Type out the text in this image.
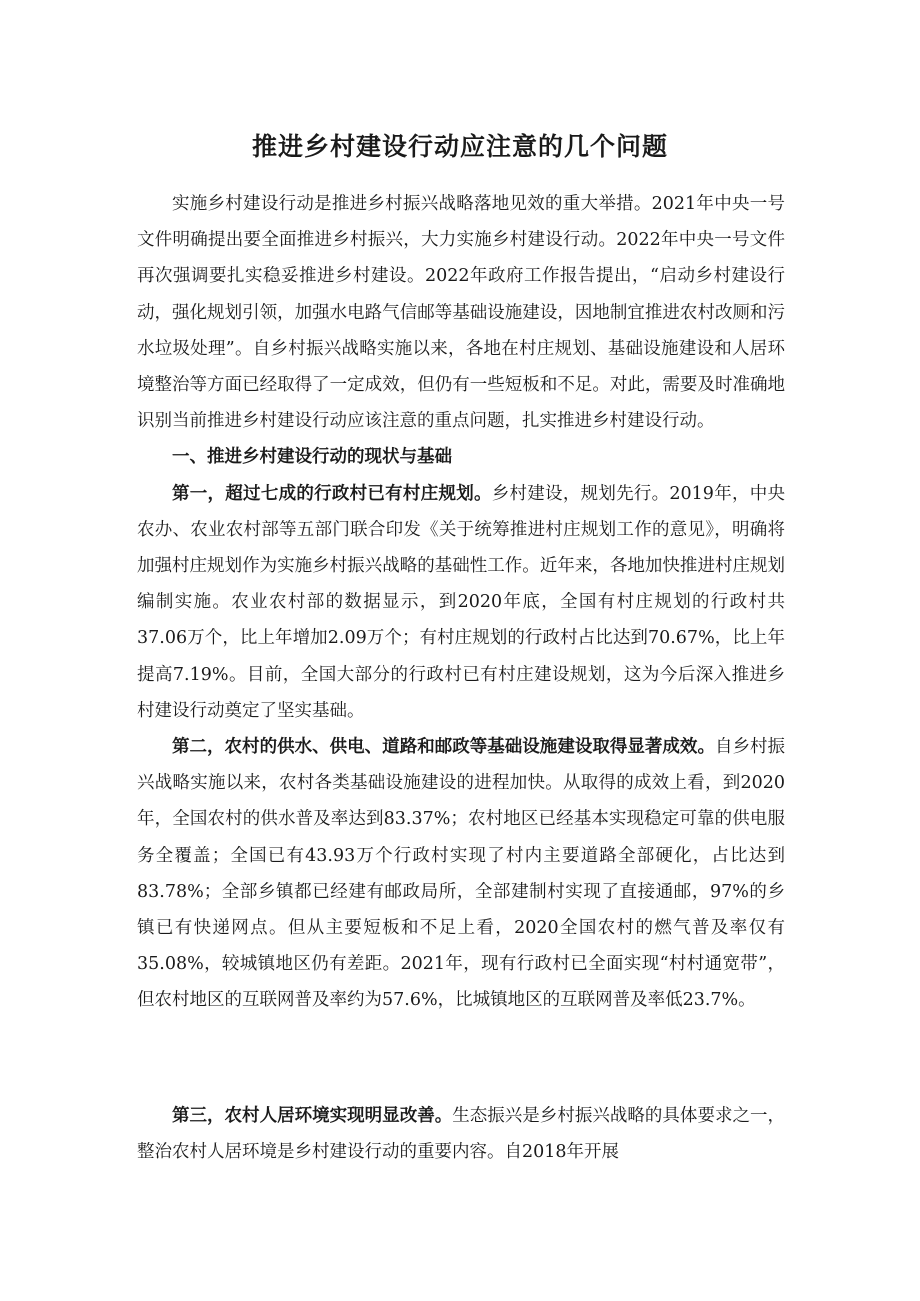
推进乡村建设行动应注意的几个问题

实施乡村建设行动是推进乡村振兴战略落地见效的重大举措。2021年中央一号文件明确提出要全面推进乡村振兴，大力实施乡村建设行动。2022年中央一号文件再次强调要扎实稳妥推进乡村建设。2022年政府工作报告提出，“启动乡村建设行动，强化规划引领，加强水电路气信邮等基础设施建设，因地制宜推进农村改厕和污水垃圾处理”。自乡村振兴战略实施以来，各地在村庄规划、基础设施建设和人居环境整治等方面已经取得了一定成效，但仍有一些短板和不足。对此，需要及时准确地识别当前推进乡村建设行动应该注意的重点问题，扎实推进乡村建设行动。

一、推进乡村建设行动的现状与基础

第一，超过七成的行政村已有村庄规划。乡村建设，规划先行。2019年，中央农办、农业农村部等五部门联合印发《关于统筹推进村庄规划工作的意见》，明确将加强村庄规划作为实施乡村振兴战略的基础性工作。近年来，各地加快推进村庄规划编制实施。农业农村部的数据显示，到2020年底，全国有村庄规划的行政村共37.06万个，比上年增加2.09万个；有村庄规划的行政村占比达到70.67%，比上年提高7.19%。目前，全国大部分的行政村已有村庄建设规划，这为今后深入推进乡村建设行动奠定了坚实基础。

第二，农村的供水、供电、道路和邮政等基础设施建设取得显著成效。自乡村振兴战略实施以来，农村各类基础设施建设的进程加快。从取得的成效上看，到2020年，全国农村的供水普及率达到83.37%；农村地区已经基本实现稳定可靠的供电服务全覆盖；全国已有43.93万个行政村实现了村内主要道路全部硬化，占比达到83.78%；全部乡镇都已经建有邮政局所，全部建制村实现了直接通邮，97%的乡镇已有快递网点。但从主要短板和不足上看，2020全国农村的燃气普及率仅有35.08%，较城镇地区仍有差距。2021年，现有行政村已全面实现“村村通宽带”，但农村地区的互联网普及率约为57.6%，比城镇地区的互联网普及率低23.7%。

第三，农村人居环境实现明显改善。生态振兴是乡村振兴战略的具体要求之一，整治农村人居环境是乡村建设行动的重要内容。自2018年开展
